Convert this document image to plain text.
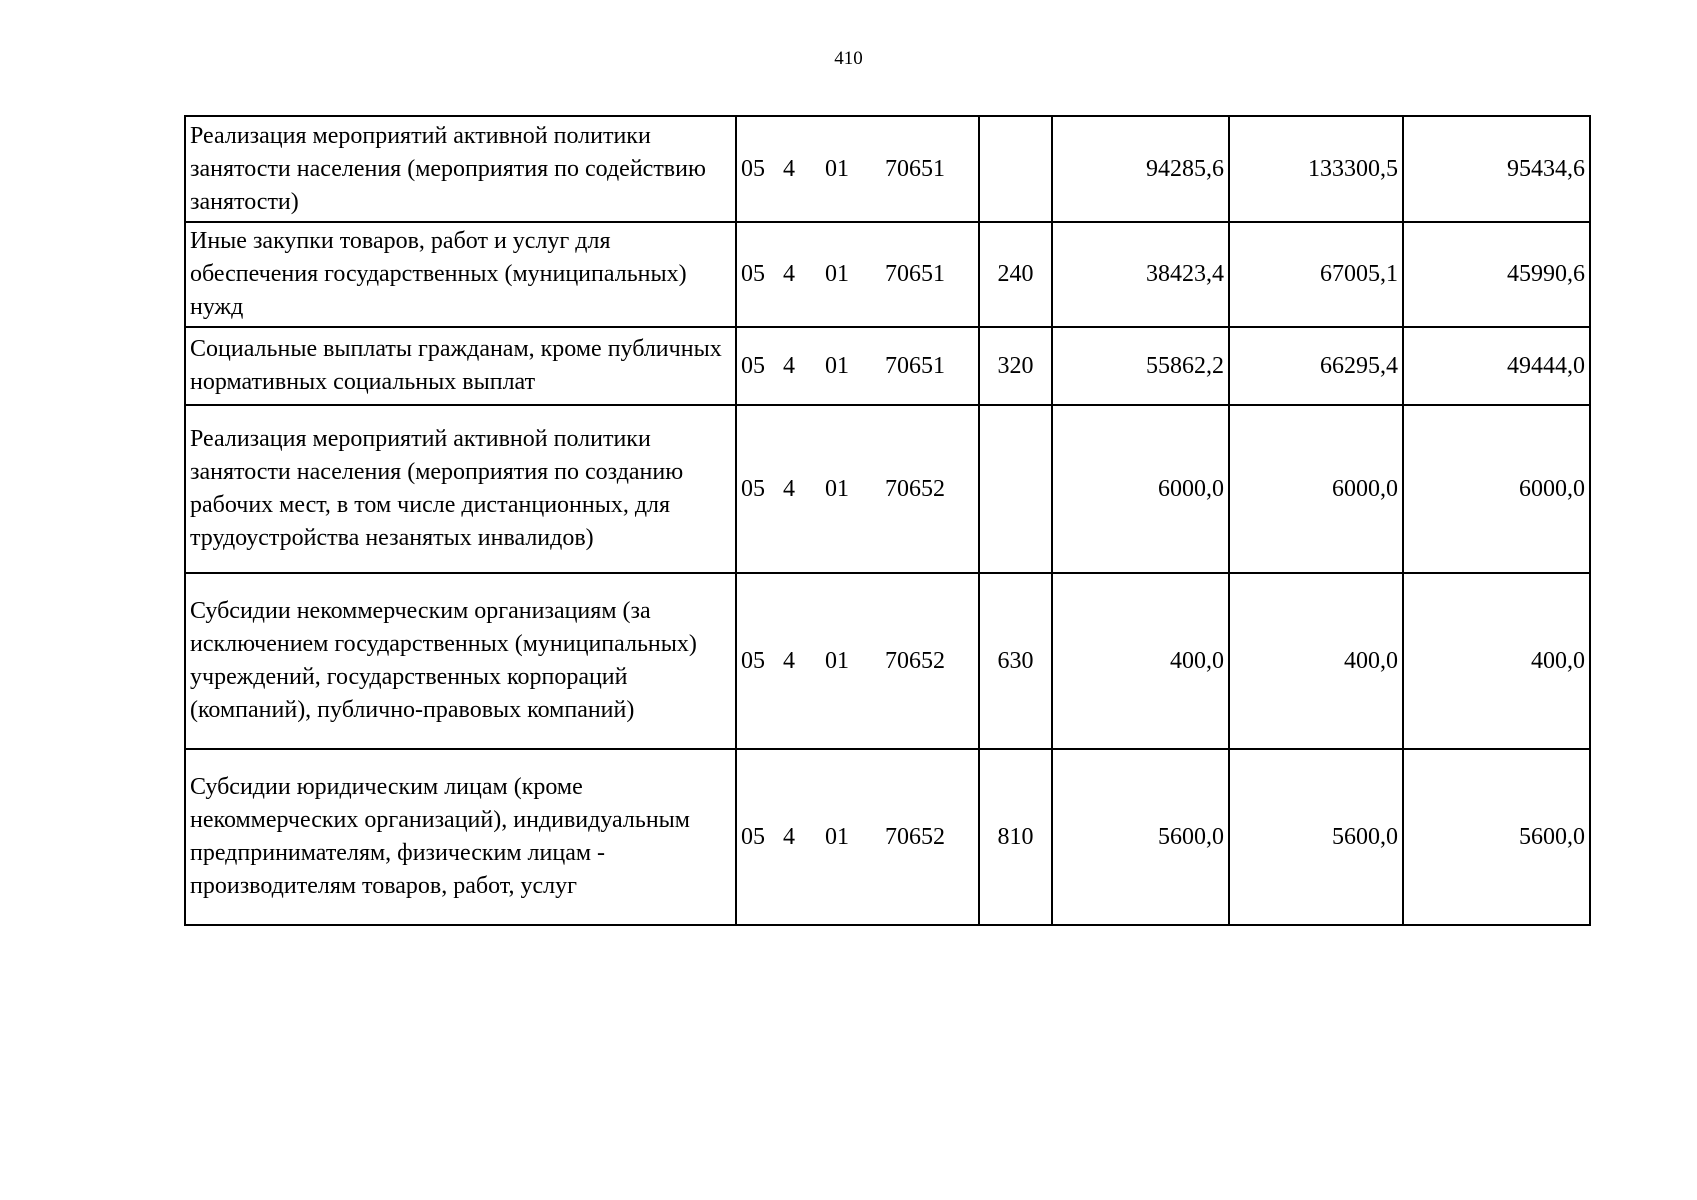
410
Реализация мероприятий активной политики занятости населения (мероприятия по содействию занятости)	05 4 01 70651		94285,6	133300,5	95434,6
Иные закупки товаров, работ и услуг для обеспечения государственных (муниципальных) нужд	05 4 01 70651	240	38423,4	67005,1	45990,6
Социальные выплаты гражданам, кроме публичных нормативных социальных выплат	05 4 01 70651	320	55862,2	66295,4	49444,0
Реализация мероприятий активной политики занятости населения (мероприятия по созданию рабочих мест, в том числе дистанционных, для трудоустройства незанятых инвалидов)	05 4 01 70652		6000,0	6000,0	6000,0
Субсидии некоммерческим организациям (за исключением государственных (муниципальных) учреждений, государственных корпораций (компаний), публично-правовых компаний)	05 4 01 70652	630	400,0	400,0	400,0
Субсидии юридическим лицам (кроме некоммерческих организаций), индивидуальным предпринимателям, физическим лицам - производителям товаров, работ, услуг	05 4 01 70652	810	5600,0	5600,0	5600,0
